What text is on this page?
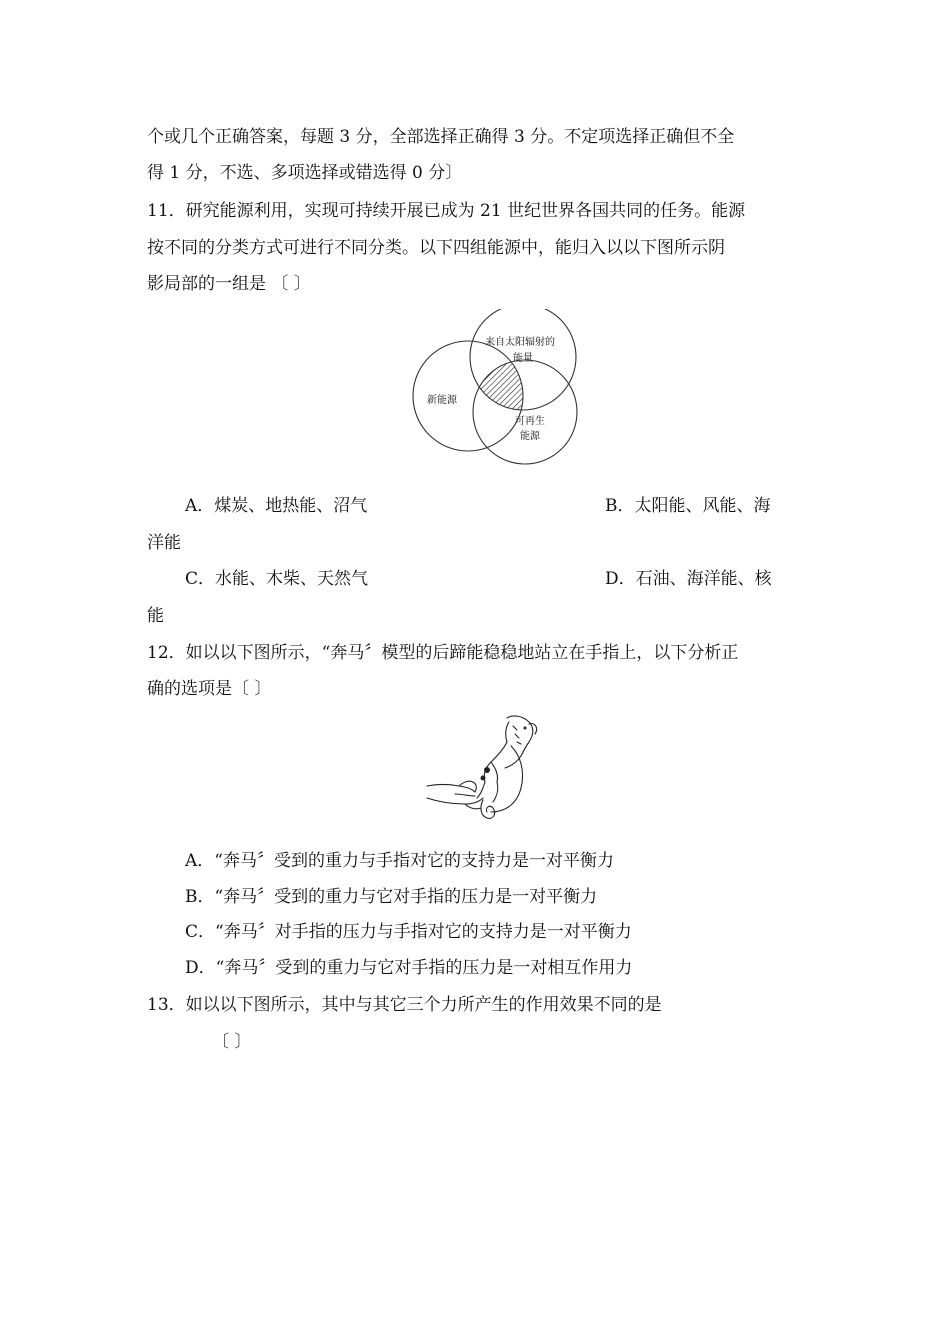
个或几个正确答案，每题 3 分，全部选择正确得 3 分。不定项选择正确但不全
得 1 分，不选、多项选择或错选得 0 分〕
11．研究能源利用，实现可持续开展已成为 21 世纪世界各国共同的任务。能源
按不同的分类方式可进行不同分类。以下四组能源中，能归入以以下图所示阴
影局部的一组是 〔 〕
来自太阳辐射的
能量
新能源
可再生
能源
A．煤炭、地热能、沼气	B．太阳能、风能、海
洋能
C．水能、木柴、天然气	D．石油、海洋能、核
能
12．如以以下图所示，“奔马〞模型的后蹄能稳稳地站立在手指上，以下分析正
确的选项是〔 〕
A．“奔马〞受到的重力与手指对它的支持力是一对平衡力
B．“奔马〞受到的重力与它对手指的压力是一对平衡力
C．“奔马〞对手指的压力与手指对它的支持力是一对平衡力
D．“奔马〞受到的重力与它对手指的压力是一对相互作用力
13．如以以下图所示，其中与其它三个力所产生的作用效果不同的是
〔 〕
